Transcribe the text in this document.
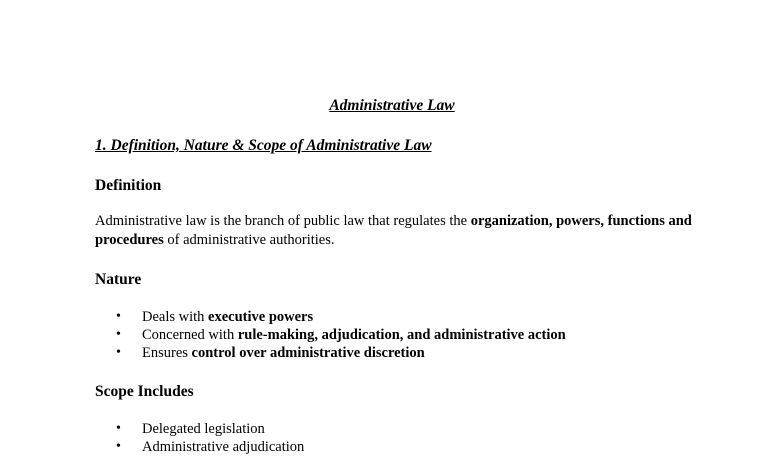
Administrative Law
1. Definition, Nature & Scope of Administrative Law
Definition

Administrative law is the branch of public law that regulates the organization, powers, functions and procedures of administrative authorities.

Nature
• Deals with executive powers
• Concerned with rule-making, adjudication, and administrative action
• Ensures control over administrative discretion
Scope Includes
• Delegated legislation
• Administrative adjudication
